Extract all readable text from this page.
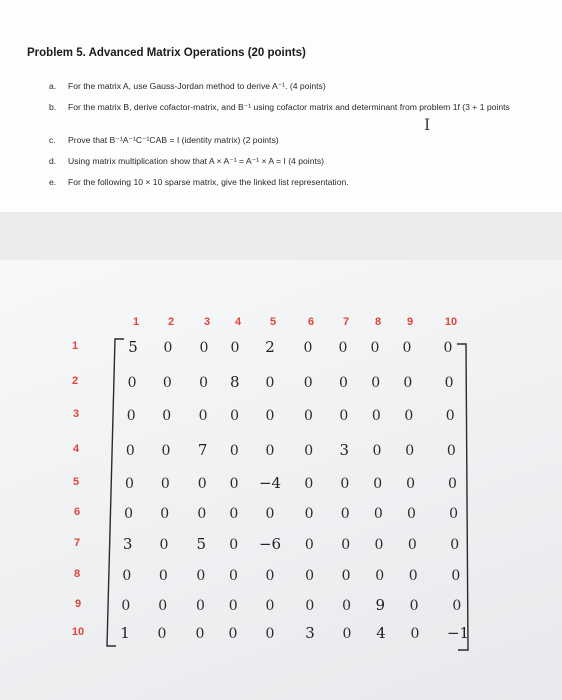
Problem 5. Advanced Matrix Operations (20 points)
a.	For the matrix A, use Gauss-Jordan method to derive A⁻¹. (4 points)
b.	For the matrix B, derive cofactor-matrix, and B⁻¹ using cofactor matrix and determinant from problem 1f (3 + 1 points
c.	Prove that B⁻¹A⁻¹C⁻¹CAB = I (identity matrix) (2 points)
d.	Using matrix multiplication show that A × A⁻¹ = A⁻¹ × A = I (4 points)
e.	For the following 10 × 10 sparse matrix, give the linked list representation.
I
1	2	3 4	5	6	7 8 9	10
1
2
3
4
5
6
7
8
9
10
5 0 0 0 2 0 0 0 0 0
0 0 0 8 0 0 0 0 0 0
0 0 0 0 0 0 0 0 0 0
0 0 7 0 0 0 3 0 0 0
0 0 0 0 −4 0 0 0 0 0
0 0 0 0 0 0 0 0 0 0
3 0 5 0 −6 0 0 0 0 0
0 0 0 0 0 0 0 0 0 0
0 0 0 0 0 0 0 9 0 0
1 0 0 0 0 3 0 4 0 −1
